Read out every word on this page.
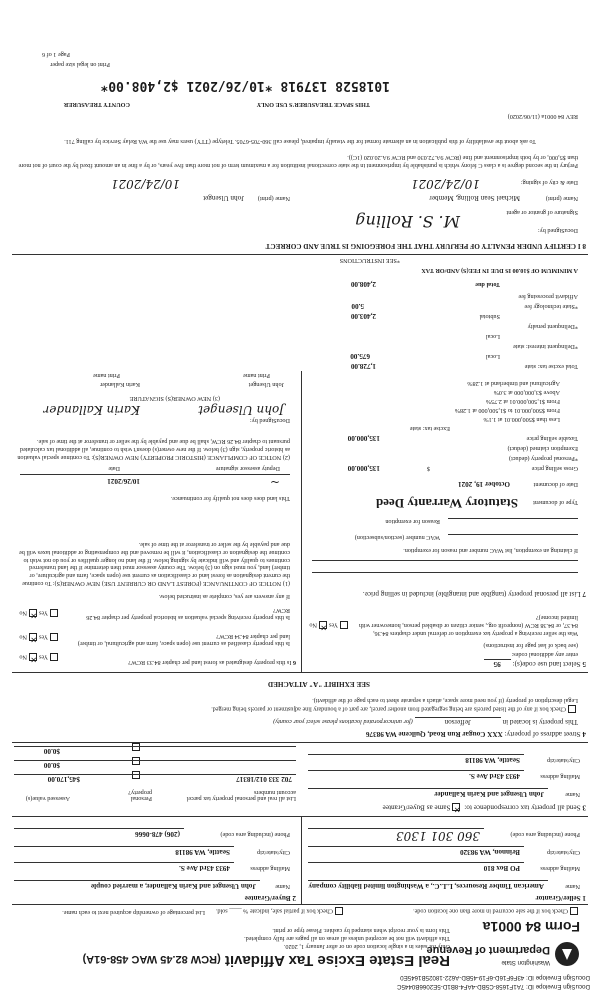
DocuSign Envelope ID: 7A1F1658-C5BD-4AF4-8B1D-5E2066B0445C
DocuSign Envelope ID: 43F6F16D-6F19-45BD-A622-18025B1645E0
Washington State
Department of Revenue
Real Estate Excise Tax Affidavit (RCW 82.45 WAC 458-61A)
Form 84 0001a
Only for sales in a single location code on or after January 1, 2020.
This affidavit will not be accepted unless all areas on all pages are fully completed.
This form is your receipt when stamped by cashier. Please type or print.
Check box if the sale occurred in more than one location code.
Check box if partial sale, indicate % ____ sold.
List percentage of ownership acquired next to each name.
1 Seller/Grantor
Name
American Timber Resources, L.L.C., a Washington limited liability company
Mailing address
PO Box 810
City/state/zip
Brinnon, WA 98320
Phone (including area code)
360 301 1303
2 Buyer/Grantee
Name
John Ulsenget and Karin Kallander, a married couple
Mailing address
4933 43rd Ave S.
City/state/zip
Seattle, WA 98118
Phone (including area code)
(206) 478-0666
3 Send all property tax correspondence to: ✕Same as Buyer/Grantee
Name
John Ulsenget and Karin Kallander
Mailing address
4933 43rd Ave S.
City/state/zip
Seattle, WA 98118
List all real and personal property tax parcel account numbers
Personal property?
Assessed value(s)
702 333 012/18317
$45,170.00
$0.00
$0.00
4 Street address of property: XXX Cougar Run Road, Quilcene WA 98376
This property is located in Jefferson (for unincorporated locations please select your county)
Check box if any of the listed parcels are being segregated from another parcel, are part of a boundary line adjustment or parcels being merged.
Legal description of property (if you need more space, attach a separate sheet to each page of the affidavit).
SEE EXHIBIT "A" ATTACHED
5 Select land use code(s): 95
enter any additional codes:
(see back of last page for instructions)
Was the seller receiving a property tax exemption or deferral under chapters 84.36, 84.37, or 84.38 RCW (nonprofit org., senior citizen or disabled person, homeowner with limited income)?
Yes✕No
7 List all personal property (tangible and intangible) included in selling price.
If claiming an exemption, list WAC number and reason for exemption.
WAC number (section/subsection)
Reason for exemption
Type of document
Statutory Warranty Deed
Date of document
October 19, 2021
Gross selling price
$
135,000.00
*Personal property (deduct)
Exemption claimed (deduct)
Taxable selling price
135,000.00
Excise tax: state
Less than $500,000.01 at 1.1%
From $500,000.01 to $1,500,000 at 1.28%
From $1,500,000.01 at 2.75%
Above $3,000,000 at 3.0%
Agricultural and timberland at 1.28%
Total excise tax: state
1,728.00
Local
675.00
*Delinquent interest: state
Local
*Delinquent penalty
Subtotal
2,403.00
*State technology fee
5.00
Affidavit processing fee
Total due
2,408.00
A MINIMUM OF $10.00 IS DUE IN FEE(S) AND/OR TAX
*SEE INSTRUCTIONS
6 Is this property designated as forest land per chapter 84.33 RCW?
Yes✕No
Is this property classified as current use (open space, farm and agricultural, or timber) land per chapter 84.34 RCW?
Yes✕No
Is this property receiving special valuation as historical property per chapter 84.26 RCW?
Yes✕No
If any answers are yes, complete as instructed below.
(1) NOTICE OF CONTINUANCE (FOREST LAND OR CURRENT USE) NEW OWNER(S): To continue the current designation as forest land or classification as current use (open space, farm and agriculture, or timber) land, you must sign on (3) below. The county assessor must then determine if the land transferred continues to qualify and will indicate by signing below. If the land no longer qualifies or you do not wish to continue the designation or classification, it will be removed and the compensating or additional taxes will be due and payable by the seller or transferor at the time of sale.
This land does does not qualify for continuance.
~
10/26/2021
Deputy assessor signature
Date
(2) NOTICE OF COMPLIANCE (HISTORIC PROPERTY) NEW OWNER(S): To continue special valuation as historic property, sign (3) below. If the new owner(s) doesn't wish to continue, all additional tax calculated pursuant to chapter 84.26 RCW, shall be due and payable by the seller or transferor at the time of sale.
DocuSigned by:
John Ulsenget
Karin Kallander
(3) NEW OWNER(S) SIGNATURE
John Ulsenget
Karin Kallander
Print name
Print name
8 I CERTIFY UNDER PENALTY OF PERJURY THAT THE FOREGOING IS TRUE AND CORRECT
DocuSigned by:
M. S. Rolling	Signature of grantor or agent
Name (print)
Michael Sean Rolling, Member
Date & city of signing:
10/24/2021
Name (print)
John Ulsenget
10/24/2021
Perjury in the second degree is a class C felony which is punishable by imprisonment in the state correctional institution for a maximum term of not more than five years, or by a fine in an amount fixed by the court of not more than $5,000, or by both imprisonment and fine (RCW 9A.72.030 and RCW 9A.20.020 (1C)).
To ask about the availability of this publication in an alternate format for the visually impaired, please call 360-705-6705. Teletype (TTY) users may use the WA Relay Service by calling 711.
REV 84 0001a (11/06/2020)
THIS SPACE TREASURER'S USE ONLY
COUNTY TREASURER
1018528 137918 *10/26/2021 $2,408.00*
Print on legal size paper
Page 1 of 6
